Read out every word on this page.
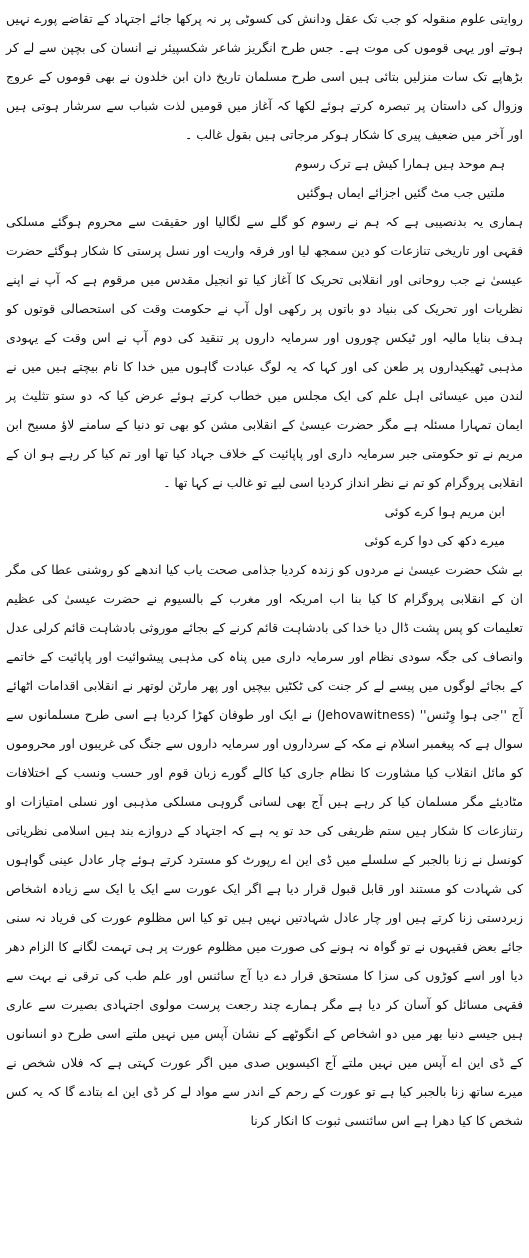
روایتی علوم منقولہ کو جب تک عقل ودانش کی کسوٹی پر نہ پرکھا جائے اجتہاد کے تقاضے پورے نہیں ہوتے اور یہی قوموں کی موت ہے۔ جس طرح انگریز شاعر شکسپیئر نے انسان کی بچپن سے لے کر بڑھاپے تک سات منزلیں بتائی ہیں اسی طرح مسلمان تاریخ دان ابن خلدون نے بھی قوموں کے عروج وزوال کی داستان پر تبصرہ کرتے ہوئے لکھا کہ آغاز میں قومیں لذت شباب سے سرشار ہوتی ہیں اور آخر میں ضعیف پیری کا شکار ہوکر مرجاتی ہیں بقول غالب ۔

ہم موحد ہیں ہمارا کیش ہے ترک رسوم
ملتیں جب مٹ گئیں اجزائے ایماں ہوگئیں

ہماری یہ بدنصیبی ہے کہ ہم نے رسوم کو گلے سے لگالیا اور حقیقت سے محروم ہوگئے مسلکی فقہی اور تاریخی تنازعات کو دین سمجھ لیا اور فرقہ واریت اور نسل پرستی کا شکار ہوگئے حضرت عیسیٰ نے جب روحانی اور انقلابی تحریک کا آغاز کیا تو انجیل مقدس میں مرقوم ہے کہ آپ نے اپنے نظریات اور تحریک کی بنیاد دو باتوں پر رکھی اول آپ نے حکومت وقت کی استحصالی قوتوں کو ہدف بنایا مالیہ اور ٹیکس چوروں اور سرمایہ داروں پر تنقید کی دوم آپ نے اس وقت کے یہودی مذہبی ٹھیکیداروں پر طعن کی اور کہا کہ یہ لوگ عبادت گاہوں میں خدا کا نام بیچتے ہیں میں نے لندن میں عیسائی اہل علم کی ایک مجلس میں خطاب کرتے ہوئے عرض کیا کہ دو ستو تثلیث پر ایمان تمہارا مسئلہ ہے مگر حضرت عیسیٰ کے انقلابی مشن کو بھی تو دنیا کے سامنے لاؤ مسیح ابن مریم نے تو حکومتی جبر سرمایہ داری اور پاپائیت کے خلاف جہاد کیا تھا اور تم کیا کر رہے ہو ان کے انقلابی پروگرام کو تم نے نظر انداز کردیا اسی لیے تو غالب نے کہا تھا ۔

ابن مریم ہوا کرے کوئی
میرے دکھ کی دوا کرے کوئی

بے شک حضرت عیسیٰ نے مردوں کو زندہ کردیا جذامی صحت یاب کیا اندھے کو روشنی عطا کی مگر ان کے انقلابی پروگرام کا کیا بنا اب امریکہ اور مغرب کے بالسیوم نے حضرت عیسیٰ کی عظیم تعلیمات کو پس پشت ڈال دیا خدا کی بادشاہت قائم کرنے کے بجائے موروثی بادشاہت قائم کرلی عدل وانصاف کی جگہ سودی نظام اور سرمایہ داری میں پناہ کی مذہبی پیشوائیت اور پاپائیت کے خاتمے کے بجائے لوگوں میں پیسے لے کر جنت کی ٹکٹیں بیچیں اور پھر مارٹن لوتھر نے انقلابی اقدامات اٹھائے آج ''جی ہوا وِٹنس'' (Jehovawitness) نے ایک اور طوفان کھڑا کردیا ہے اسی طرح مسلمانوں سے سوال ہے کہ پیغمبر اسلام نے مکہ کے سرداروں اور سرمایہ داروں سے جنگ کی غریبوں اور محروموں کو مائل انقلاب کیا مشاورت کا نظام جاری کیا کالے گورے زبان قوم اور حسب ونسب کے اختلافات مٹادیئے مگر مسلمان کیا کر رہے ہیں آج بھی لسانی گروہی مسلکی مذہبی اور نسلی امتیازات او رتنازعات کا شکار ہیں ستم ظریفی کی حد تو یہ ہے کہ اجتہاد کے دروازے بند ہیں اسلامی نظریاتی کونسل نے زنا بالجبر کے سلسلے میں ڈی این اے رپورٹ کو مسترد کرتے ہوئے چار عادل عینی گواہوں کی شہادت کو مستند اور قابل قبول قرار دیا ہے اگر ایک عورت سے ایک یا ایک سے زیادہ اشخاص زبردستی زنا کرتے ہیں اور چار عادل شہادتیں نہیں ہیں تو کیا اس مظلوم عورت کی فریاد نہ سنی جائے بعض فقیہوں نے تو گواہ نہ ہونے کی صورت میں مظلوم عورت پر ہی تہمت لگانے کا الزام دھر دیا اور اسے کوڑوں کی سزا کا مستحق قرار دے دیا آج سائنس اور علم طب کی ترقی نے بہت سے فقہی مسائل کو آسان کر دیا ہے مگر ہمارے چند رجعت پرست مولوی اجتہادی بصیرت سے عاری ہیں جیسے دنیا بھر میں دو اشخاص کے انگوٹھے کے نشان آپس میں نہیں ملتے اسی طرح دو انسانوں کے ڈی این اے آپس میں نہیں ملتے آج اکیسویں صدی میں اگر عورت کہتی ہے کہ فلاں شخص نے میرے ساتھ زنا بالجبر کیا ہے تو عورت کے رحم کے اندر سے مواد لے کر ڈی این اے بتادے گا کہ یہ کس شخص کا کیا دھرا ہے اس سائنسی ثبوت کا انکار کرنا
